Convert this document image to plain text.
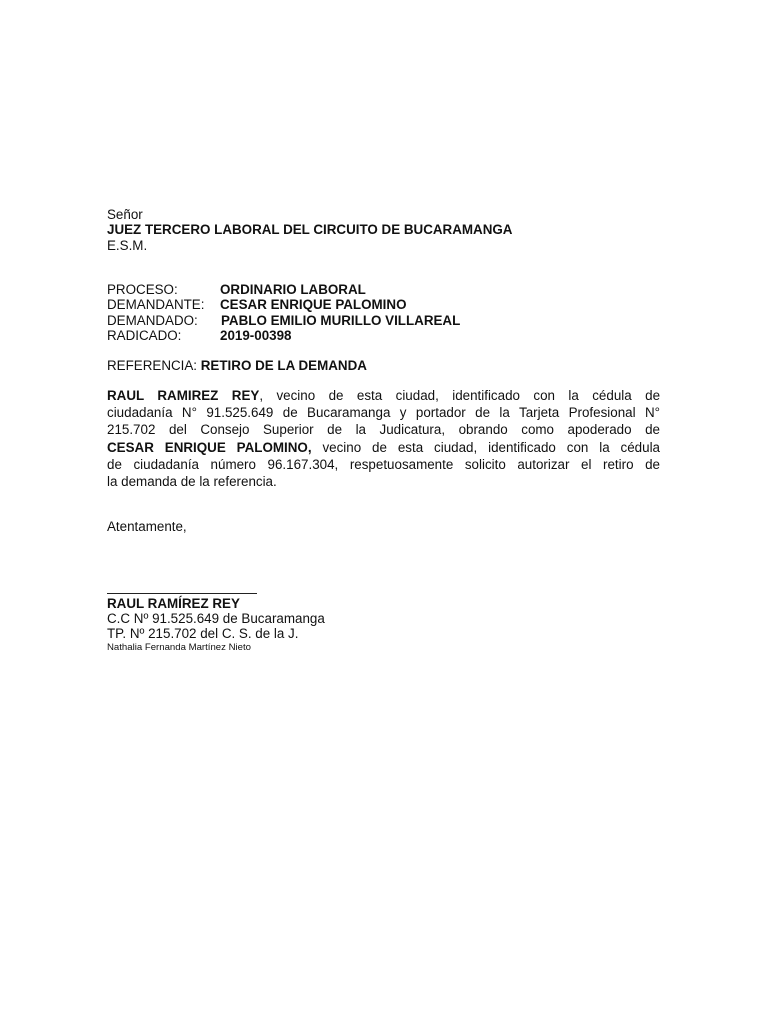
Señor
JUEZ TERCERO LABORAL DEL CIRCUITO DE BUCARAMANGA
E.S.M.
PROCESO:	ORDINARIO LABORAL
DEMANDANTE: CESAR ENRIQUE PALOMINO
DEMANDADO: PABLO EMILIO MURILLO VILLAREAL
RADICADO:	2019-00398
REFERENCIA: RETIRO DE LA DEMANDA
RAUL RAMIREZ REY, vecino de esta ciudad, identificado con la cédula de
ciudadanía N° 91.525.649 de Bucaramanga y portador de la Tarjeta Profesional N°
215.702 del Consejo Superior de la Judicatura, obrando como apoderado de
CESAR ENRIQUE PALOMINO, vecino de esta ciudad, identificado con la cédula
de ciudadanía número 96.167.304, respetuosamente solicito autorizar el retiro de
la demanda de la referencia.
Atentamente,
RAUL RAMÍREZ REY
C.C Nº 91.525.649 de Bucaramanga
TP. Nº 215.702 del C. S. de la J.
Nathalia Fernanda Martínez Nieto
